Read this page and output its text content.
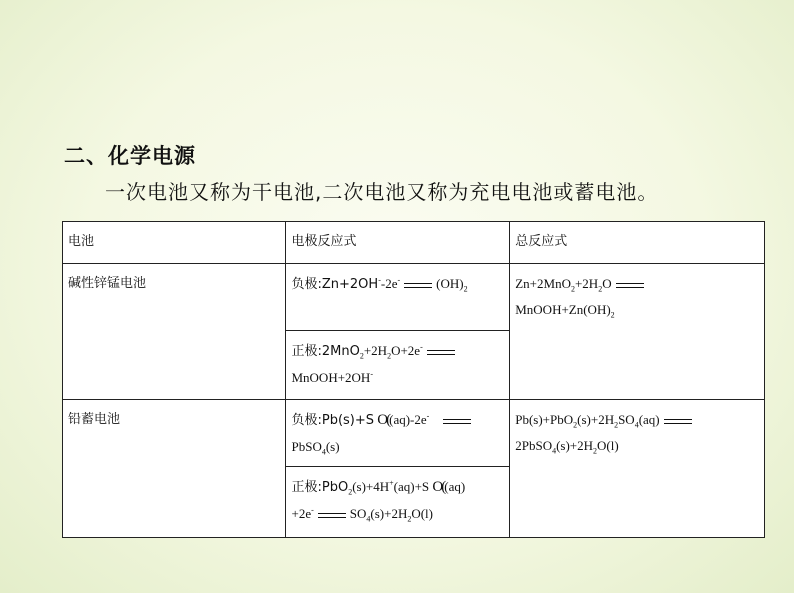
二、化学电源
一次电池又称为干电池,二次电池又称为充电电池或蓄电池。
电池	电极反应式	总反应式
碱性锌锰电池	负极:Zn+2OH--2e- $(OH)_2$	$Zn+2MnO_2+2H_2O$
$MnOOH+Zn(OH)_2$
	正极$:2MnO_2+2H_2O+2e^-$
MnOOH+2OH-
铅蓄电池	负极:Pb(s)+S O((aq)-2e-
PbSO$_4$(s)	$Pb(s)+PbO_2(s)+2H_2SO_4(aq)$
$2PbSO_4(s)+2H_2O(l)$
	正极:PbO$_2$(s)+4H+(aq)+S O((aq)
+2e- $SO_4(s)+2H_2O(l)$	
